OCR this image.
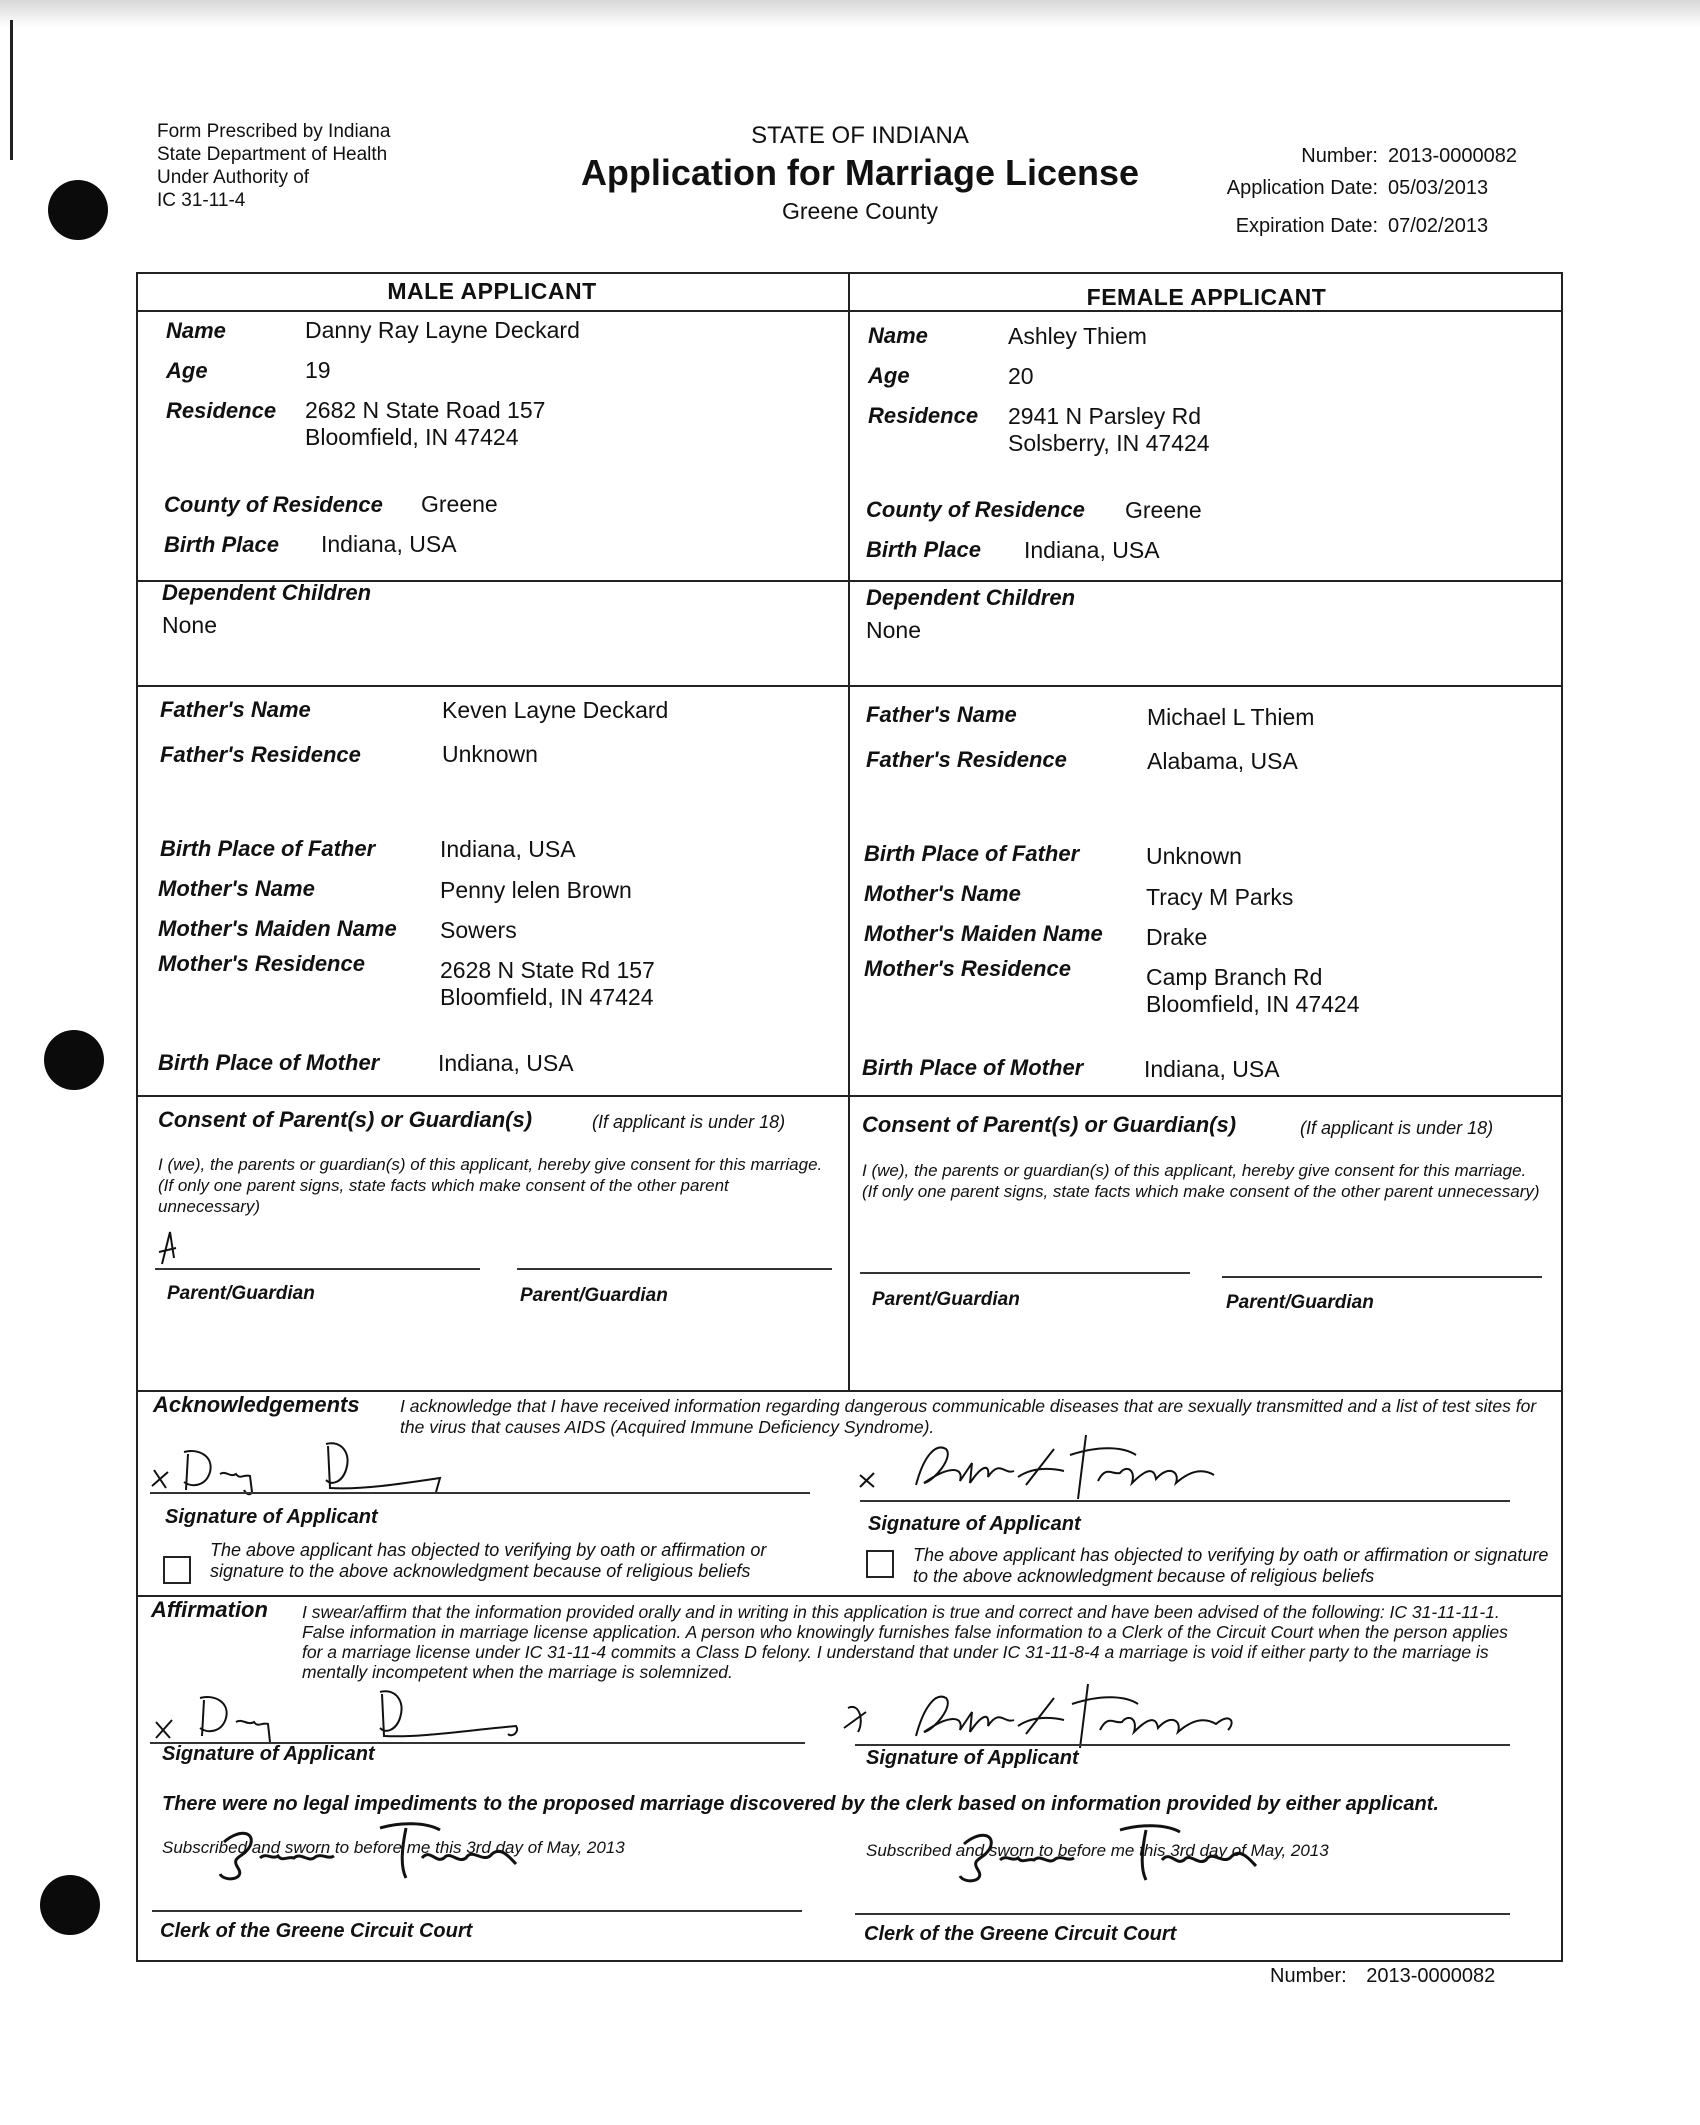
Form Prescribed by Indiana
State Department of Health
Under Authority of
IC 31-11-4
STATE OF INDIANA
Application for Marriage License
Greene County
Number: 2013-0000082
Application Date: 05/03/2013
Expiration Date: 07/02/2013
MALE APPLICANT	FEMALE APPLICANT
Name	Danny Ray Layne Deckard
Age	19
Residence 2682 N State Road 157
Bloomfield, IN 47424
County of Residence Greene
Birth Place Indiana, USA
Dependent Children
None
Father's Name	Keven Layne Deckard
Father's Residence	Unknown
Birth Place of Father	Indiana, USA
Mother's Name	Penny lelen Brown
Mother's Maiden Name Sowers
Mother's Residence	2628 N State Rd 157
Bloomfield, IN 47424
Birth Place of Mother	Indiana, USA
Name	Ashley Thiem
Age	20
Residence 2941 N Parsley Rd
Solsberry, IN 47424
County of Residence Greene
Birth Place Indiana, USA
Dependent Children
None
Father's Name	Michael L Thiem
Father's Residence	Alabama, USA
Birth Place of Father	Unknown
Mother's Name	Tracy M Parks
Mother's Maiden Name Drake
Mother's Residence	Camp Branch Rd
Bloomfield, IN 47424
Birth Place of Mother	Indiana, USA
Consent of Parent(s) or Guardian(s)	(If applicant is under 18)
I (we), the parents or guardian(s) of this applicant, hereby give consent for this marriage. (If only one parent signs, state facts which make consent of the other parent unnecessary)
Parent/Guardian	Parent/Guardian
Consent of Parent(s) or Guardian(s)	(If applicant is under 18)
I (we), the parents or guardian(s) of this applicant, hereby give consent for this marriage. (If only one parent signs, state facts which make consent of the other parent unnecessary)
Parent/Guardian	Parent/Guardian
Acknowledgements I acknowledge that I have received information regarding dangerous communicable diseases that are sexually transmitted and a list of test sites for the virus that causes AIDS (Acquired Immune Deficiency Syndrome).
Signature of Applicant	Signature of Applicant
The above applicant has objected to verifying by oath or affirmation or signature to the above acknowledgment because of religious beliefs
The above applicant has objected to verifying by oath or affirmation or signature to the above acknowledgment because of religious beliefs
Affirmation I swear/affirm that the information provided orally and in writing in this application is true and correct and have been advised of the following: IC 31-11-11-1. False information in marriage license application. A person who knowingly furnishes false information to a Clerk of the Circuit Court when the person applies for a marriage license under IC 31-11-4 commits a Class D felony. I understand that under IC 31-11-8-4 a marriage is void if either party to the marriage is mentally incompetent when the marriage is solemnized.
Signature of Applicant	Signature of Applicant
There were no legal impediments to the proposed marriage discovered by the clerk based on information provided by either applicant.
Subscribed and sworn to before me this 3rd day of May, 2013	Subscribed and sworn to before me this 3rd day of May, 2013
Clerk of the Greene Circuit Court	Clerk of the Greene Circuit Court
Number: 2013-0000082
